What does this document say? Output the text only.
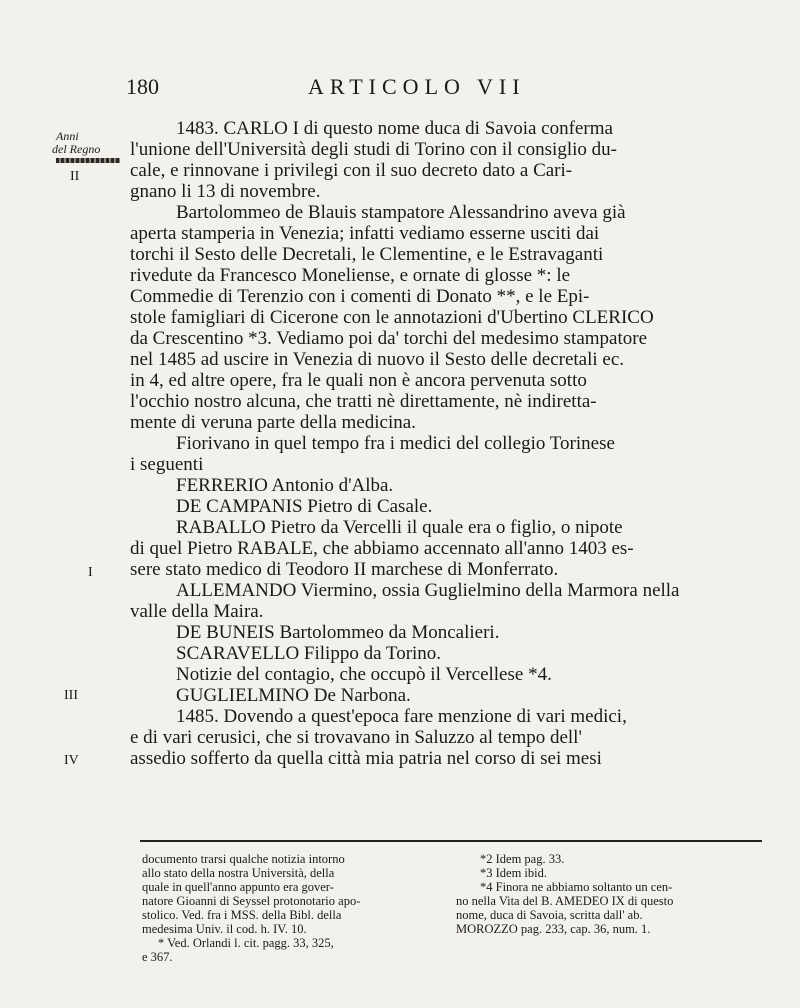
180	ARTICOLO VII
Anni
del Regno
II
I
III
IV
1483. CARLO I di questo nome duca di Savoia conferma
l'unione dell'Università degli studi di Torino con il consiglio du-
cale, e rinnovane i privilegi con il suo decreto dato a Cari-
gnano li 13 di novembre.
Bartolommeo de Blauis stampatore Alessandrino aveva già
aperta stamperia in Venezia; infatti vediamo esserne usciti dai
torchi il Sesto delle Decretali, le Clementine, e le Estravaganti
rivedute da Francesco Moneliense, e ornate di glosse *: le
Commedie di Terenzio con i comenti di Donato **, e le Epi-
stole famigliari di Cicerone con le annotazioni d'Ubertino CLERICO
da Crescentino *3. Vediamo poi da' torchi del medesimo stampatore
nel 1485 ad uscire in Venezia di nuovo il Sesto delle decretali ec.
in 4, ed altre opere, fra le quali non è ancora pervenuta sotto
l'occhio nostro alcuna, che tratti nè direttamente, nè indiretta-
mente di veruna parte della medicina.
Fiorivano in quel tempo fra i medici del collegio Torinese
i seguenti
FERRERIO Antonio d'Alba.
DE CAMPANIS Pietro di Casale.
RABALLO Pietro da Vercelli il quale era o figlio, o nipote
di quel Pietro RABALE, che abbiamo accennato all'anno 1403 es-
sere stato medico di Teodoro II marchese di Monferrato.
ALLEMANDO Viermino, ossia Guglielmino della Marmora nella
valle della Maira.
DE BUNEIS Bartolommeo da Moncalieri.
SCARAVELLO Filippo da Torino.
Notizie del contagio, che occupò il Vercellese *4.
GUGLIELMINO De Narbona.
1485. Dovendo a quest'epoca fare menzione di vari medici,
e di vari cerusici, che si trovavano in Saluzzo al tempo dell'
assedio sofferto da quella città mia patria nel corso di sei mesi
documento trarsi qualche notizia intorno
allo stato della nostra Università, della
quale in quell'anno appunto era gover-
natore Gioanni di Seyssel protonotario apo-
stolico. Ved. fra i MSS. della Bibl. della
medesima Univ. il cod. h. IV. 10.
* Ved. Orlandi l. cit. pagg. 33, 325,
e 367.
*2 Idem pag. 33.
*3 Idem ibid.
*4 Finora ne abbiamo soltanto un cen-
no nella Vita del B. AMEDEO IX di questo
nome, duca di Savoia, scritta dall' ab.
MOROZZO pag. 233, cap. 36, num. 1.
